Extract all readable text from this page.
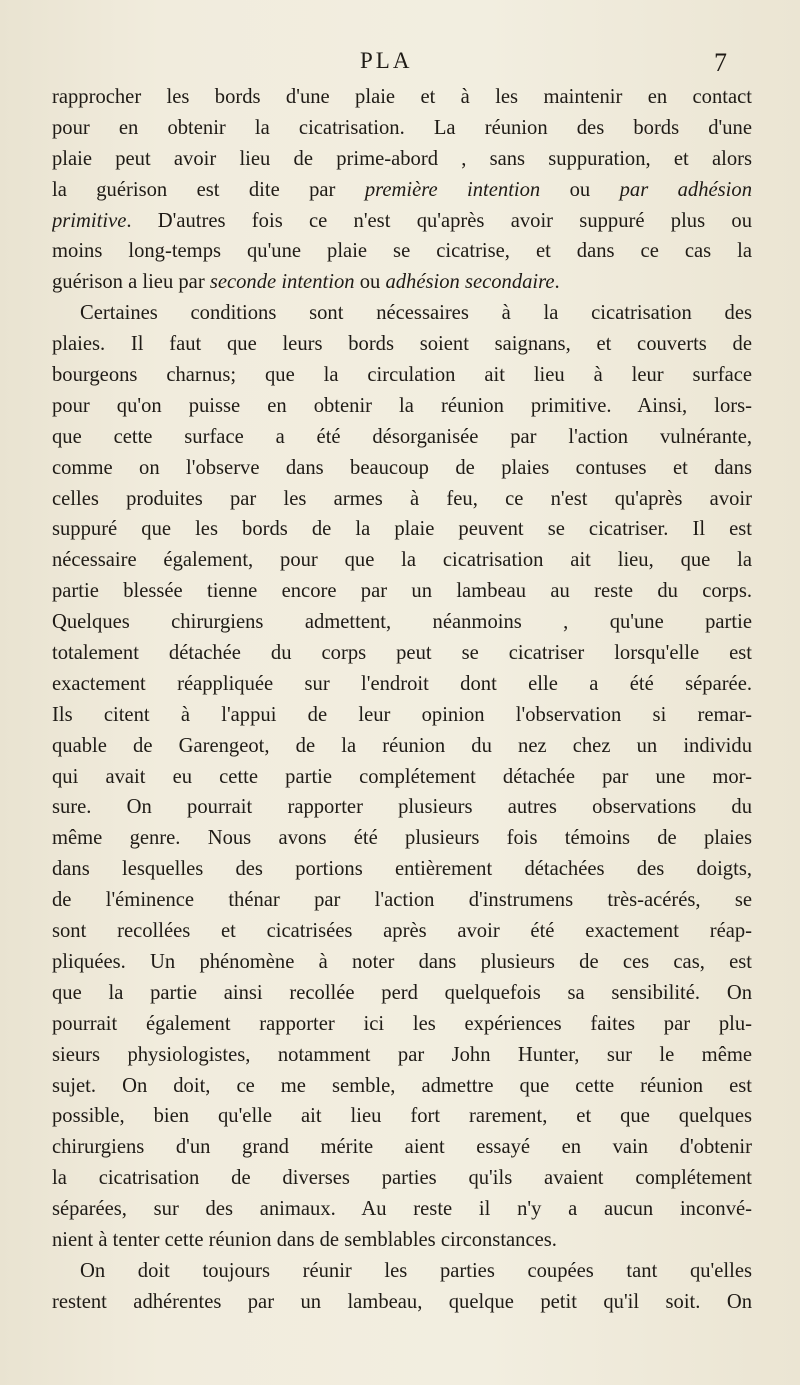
PLA	7
rapprocher les bords d'une plaie et à les maintenir en contact
pour en obtenir la cicatrisation. La réunion des bords d'une
plaie peut avoir lieu de prime-abord , sans suppuration, et alors
la guérison est dite par première intention ou par adhésion
primitive. D'autres fois ce n'est qu'après avoir suppuré plus ou
moins long-temps qu'une plaie se cicatrise, et dans ce cas la
guérison a lieu par seconde intention ou adhésion secondaire.
Certaines conditions sont nécessaires à la cicatrisation des
plaies. Il faut que leurs bords soient saignans, et couverts de
bourgeons charnus; que la circulation ait lieu à leur surface
pour qu'on puisse en obtenir la réunion primitive. Ainsi, lors-
que cette surface a été désorganisée par l'action vulnérante,
comme on l'observe dans beaucoup de plaies contuses et dans
celles produites par les armes à feu, ce n'est qu'après avoir
suppuré que les bords de la plaie peuvent se cicatriser. Il est
nécessaire également, pour que la cicatrisation ait lieu, que la
partie blessée tienne encore par un lambeau au reste du corps.
Quelques chirurgiens admettent, néanmoins , qu'une partie
totalement détachée du corps peut se cicatriser lorsqu'elle est
exactement réappliquée sur l'endroit dont elle a été séparée.
Ils citent à l'appui de leur opinion l'observation si remar-
quable de Garengeot, de la réunion du nez chez un individu
qui avait eu cette partie complétement détachée par une mor-
sure. On pourrait rapporter plusieurs autres observations du
même genre. Nous avons été plusieurs fois témoins de plaies
dans lesquelles des portions entièrement détachées des doigts,
de l'éminence thénar par l'action d'instrumens très-acérés, se
sont recollées et cicatrisées après avoir été exactement réap-
pliquées. Un phénomène à noter dans plusieurs de ces cas, est
que la partie ainsi recollée perd quelquefois sa sensibilité. On
pourrait également rapporter ici les expériences faites par plu-
sieurs physiologistes, notamment par John Hunter, sur le même
sujet. On doit, ce me semble, admettre que cette réunion est
possible, bien qu'elle ait lieu fort rarement, et que quelques
chirurgiens d'un grand mérite aient essayé en vain d'obtenir
la cicatrisation de diverses parties qu'ils avaient complétement
séparées, sur des animaux. Au reste il n'y a aucun inconvé-
nient à tenter cette réunion dans de semblables circonstances.
On doit toujours réunir les parties coupées tant qu'elles
restent adhérentes par un lambeau, quelque petit qu'il soit. On
